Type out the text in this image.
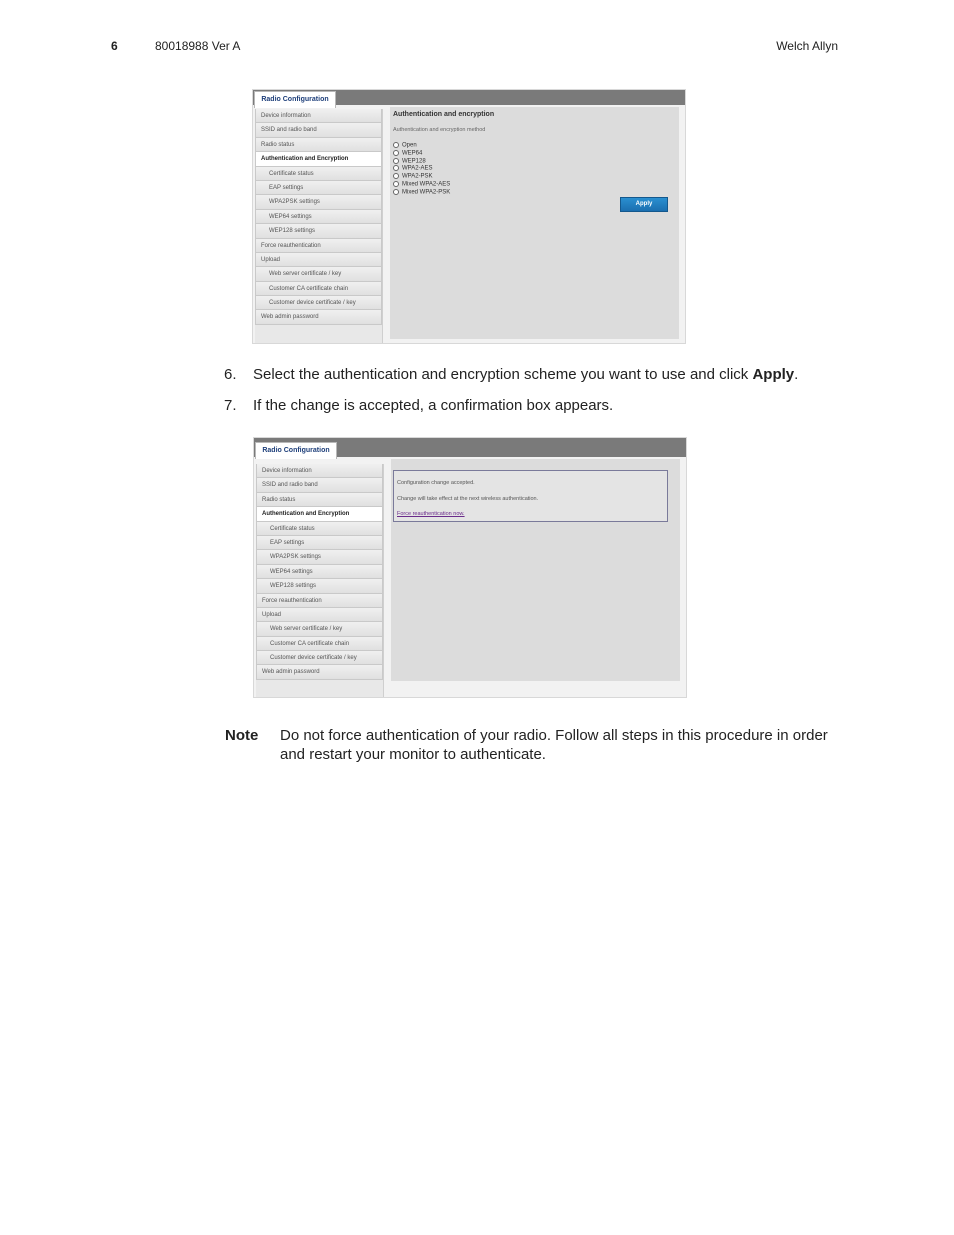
6	80018988 Ver A	Welch Allyn
Radio Configuration
Device information
SSID and radio band
Radio status
Authentication and Encryption
Certificate status
EAP settings
WPA2PSK settings
WEP64 settings
WEP128 settings
Force reauthentication
Upload
Web server certificate / key
Customer CA certificate chain
Customer device certificate / key
Web admin password
Authentication and encryption
Authentication and encryption method
Open
WEP64
WEP128
WPA2-AES
WPA2-PSK
Mixed WPA2-AES
Mixed WPA2-PSK
Apply
6. Select the authentication and encryption scheme you want to use and click Apply.
7. If the change is accepted, a confirmation box appears.
Radio Configuration
Device information
SSID and radio band
Radio status
Authentication and Encryption
Certificate status
EAP settings
WPA2PSK settings
WEP64 settings
WEP128 settings
Force reauthentication
Upload
Web server certificate / key
Customer CA certificate chain
Customer device certificate / key
Web admin password
Configuration change accepted.
Change will take effect at the next wireless authentication.
Force reauthentication now.
Note Do not force authentication of your radio. Follow all steps in this procedure in order and restart your monitor to authenticate.
